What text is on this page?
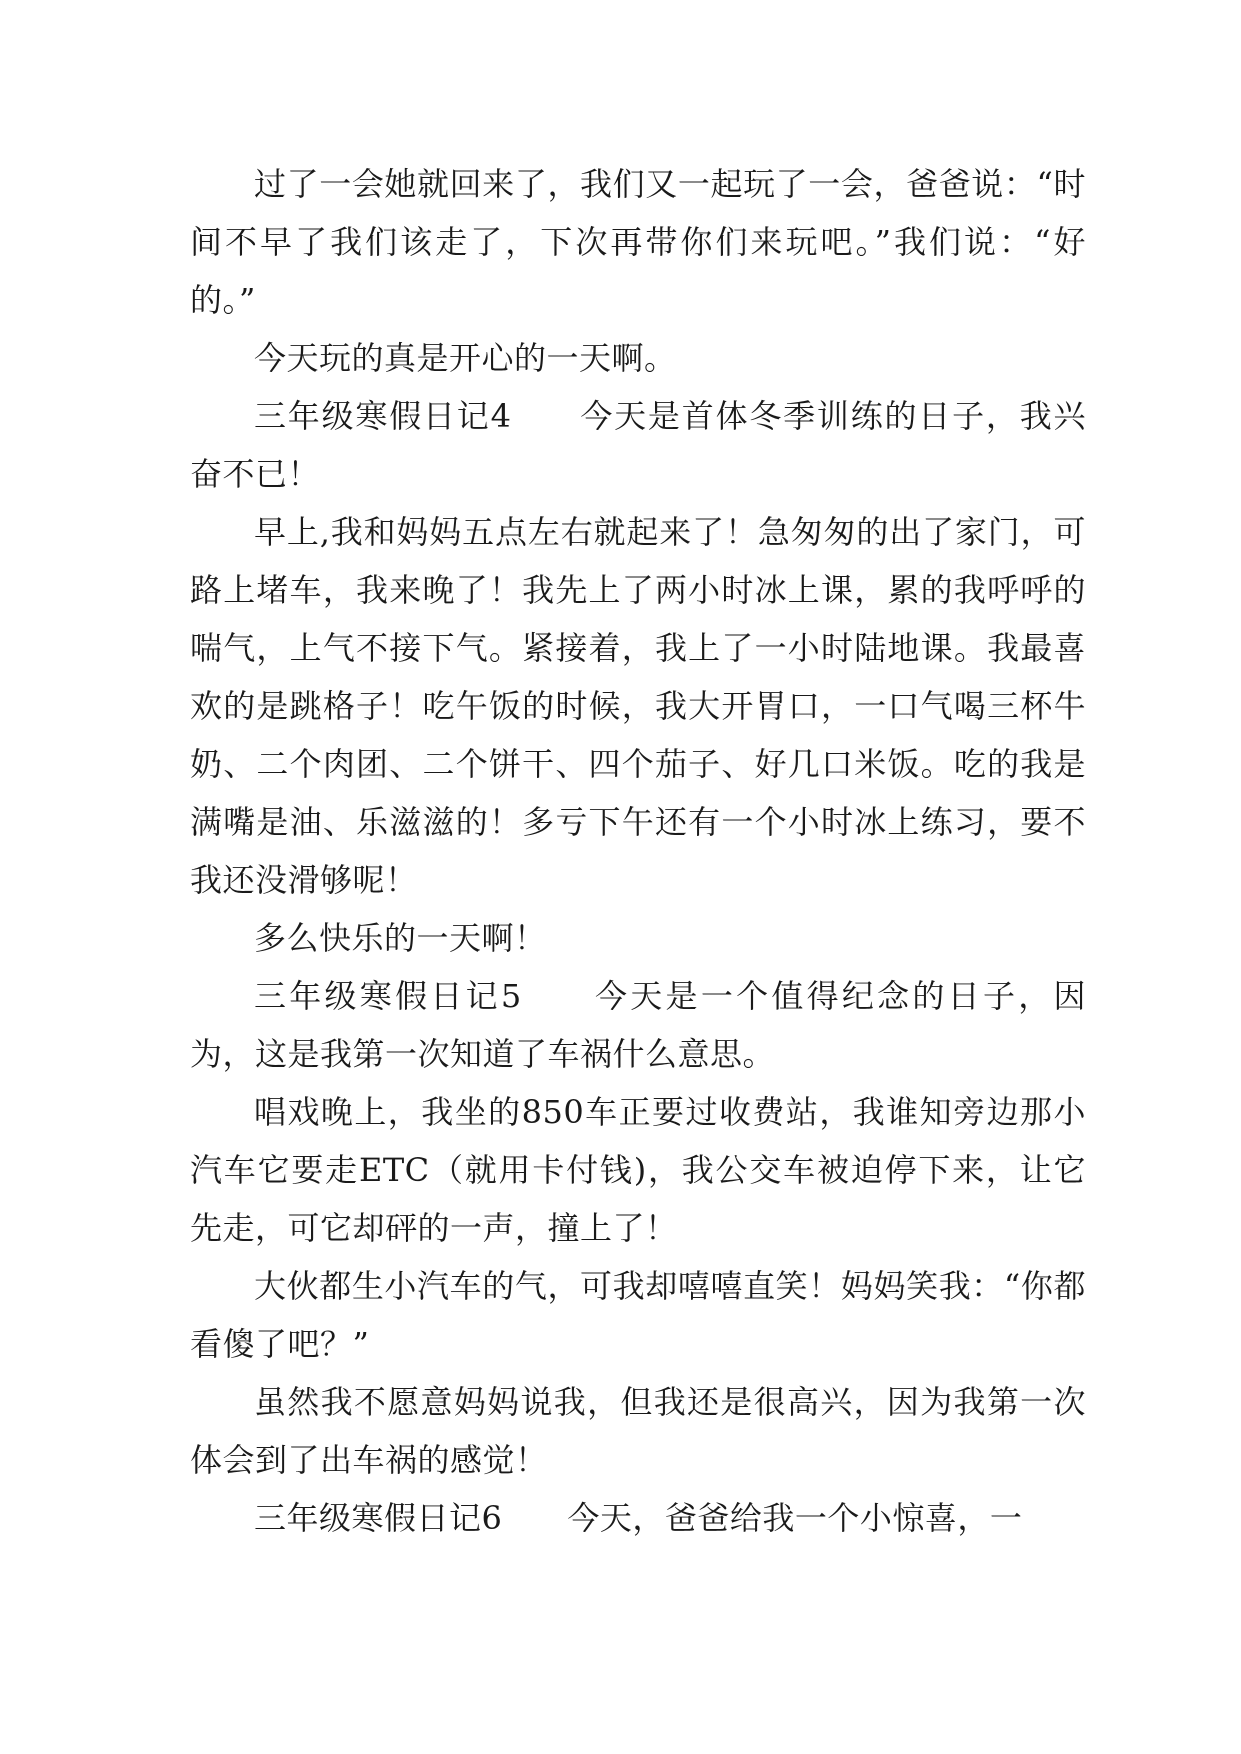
过了一会她就回来了，我们又一起玩了一会，爸爸说：“时间不早了我们该走了，下次再带你们来玩吧。”我们说：“好的。”

今天玩的真是开心的一天啊。

三年级寒假日记4　　今天是首体冬季训练的日子，我兴奋不已！

早上,我和妈妈五点左右就起来了！急匆匆的出了家门，可路上堵车，我来晚了！我先上了两小时冰上课，累的我呼呼的喘气，上气不接下气。紧接着，我上了一小时陆地课。我最喜欢的是跳格子！吃午饭的时候，我大开胃口，一口气喝三杯牛奶、二个肉团、二个饼干、四个茄子、好几口米饭。吃的我是满嘴是油、乐滋滋的！多亏下午还有一个小时冰上练习，要不我还没滑够呢！

多么快乐的一天啊！

三年级寒假日记5　　今天是一个值得纪念的日子，因为，这是我第一次知道了车祸什么意思。

唱戏晚上，我坐的850车正要过收费站，我谁知旁边那小汽车它要走ETC（就用卡付钱)，我公交车被迫停下来，让它先走，可它却砰的一声，撞上了！

大伙都生小汽车的气，可我却嘻嘻直笑！妈妈笑我：“你都看傻了吧？”

虽然我不愿意妈妈说我，但我还是很高兴，因为我第一次体会到了出车祸的感觉！

三年级寒假日记6　　今天，爸爸给我一个小惊喜，一
